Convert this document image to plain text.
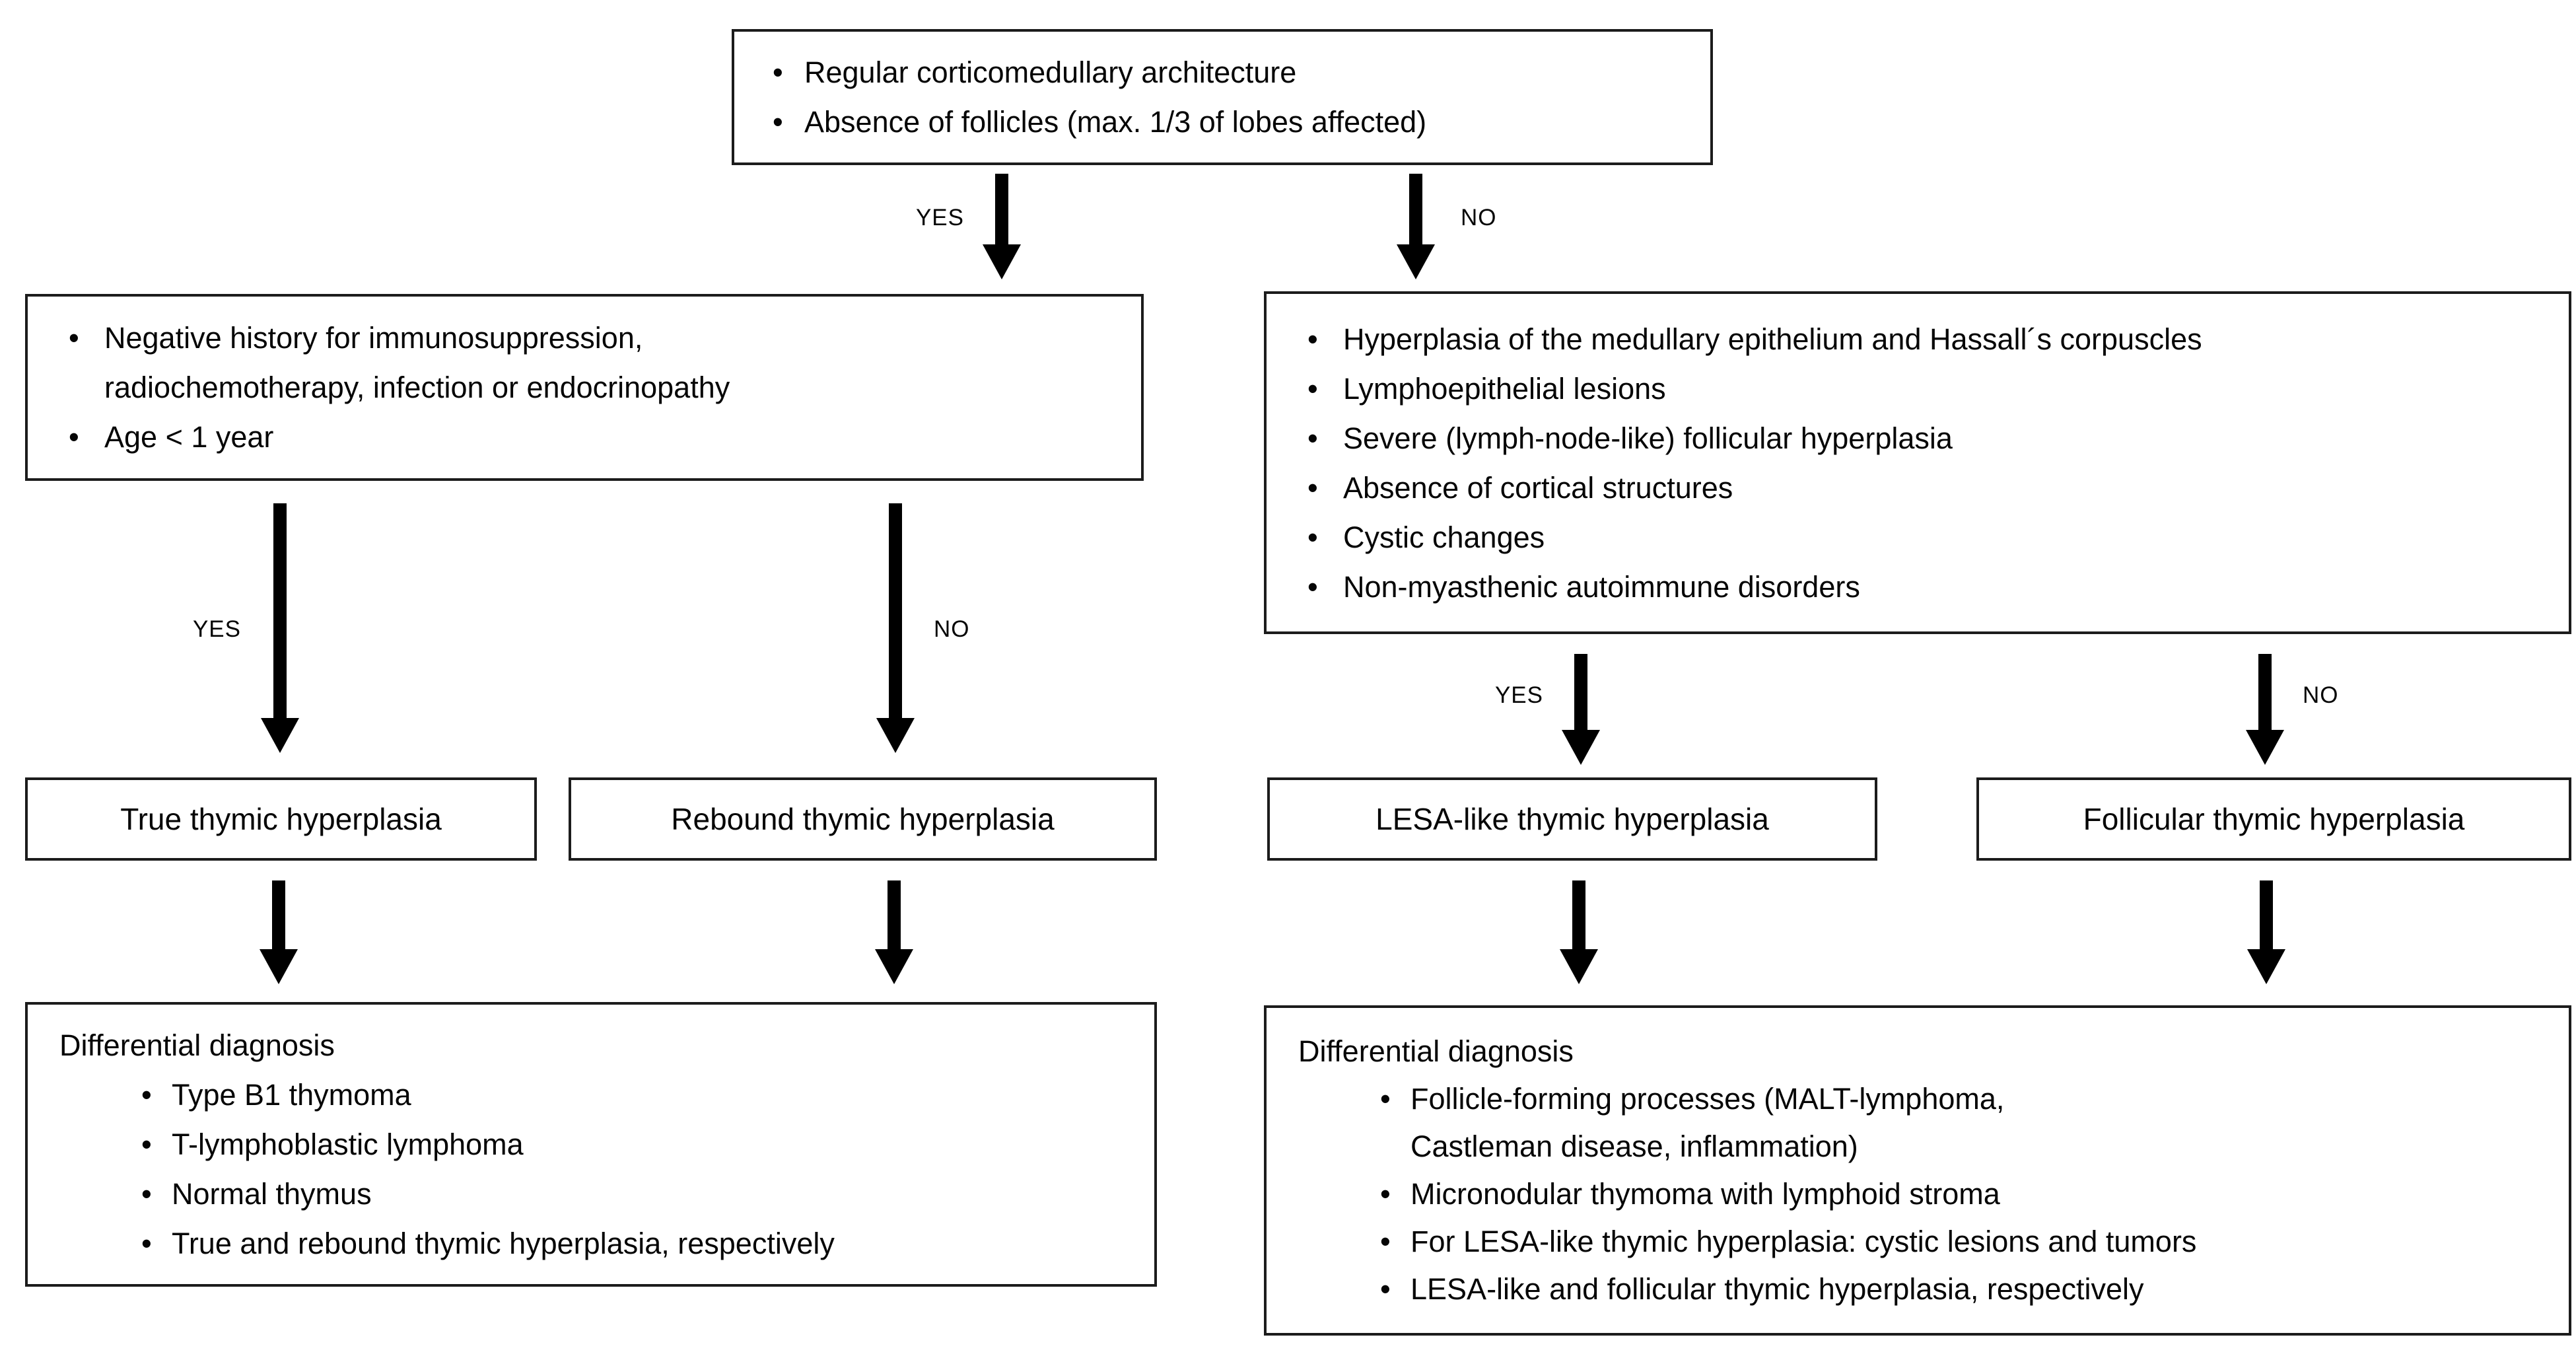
• Regular corticomedullary architecture
• Absence of follicles (max. 1/3 of lobes affected)
YES	NO
• Negative history for immunosuppression,
radiochemotherapy, infection or endocrinopathy
• Age < 1 year
• Hyperplasia of the medullary epithelium and Hassall´s corpuscles
• Lymphoepithelial lesions
• Severe (lymph-node-like) follicular hyperplasia
• Absence of cortical structures
• Cystic changes
• Non-myasthenic autoimmune disorders
YES	NO
YES	NO
True thymic hyperplasia	Rebound thymic hyperplasia	LESA-like thymic hyperplasia	Follicular thymic hyperplasia
Differential diagnosis
• Type B1 thymoma
• T-lymphoblastic lymphoma
• Normal thymus
• True and rebound thymic hyperplasia, respectively
Differential diagnosis
• Follicle-forming processes (MALT-lymphoma,
Castleman disease, inflammation)
• Micronodular thymoma with lymphoid stroma
• For LESA-like thymic hyperplasia: cystic lesions and tumors
• LESA-like and follicular thymic hyperplasia, respectively
